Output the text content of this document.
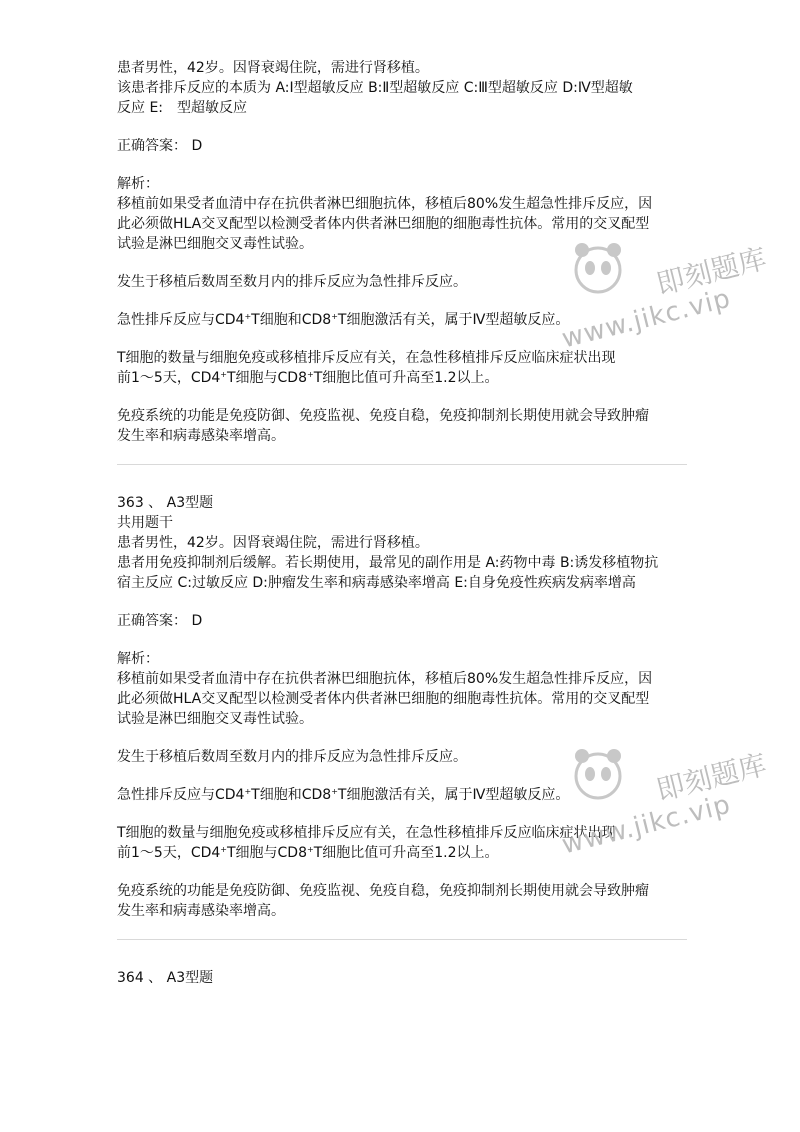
患者男性，42岁。因肾衰竭住院，需进行肾移植。
该患者排斥反应的本质为 A:Ⅰ型超敏反应 B:Ⅱ型超敏反应 C:Ⅲ型超敏反应 D:Ⅳ型超敏
反应 E:　型超敏反应
正确答案： D
解析：
移植前如果受者血清中存在抗供者淋巴细胞抗体，移植后80%发生超急性排斥反应，因
此必须做HLA交叉配型以检测受者体内供者淋巴细胞的细胞毒性抗体。常用的交叉配型
试验是淋巴细胞交叉毒性试验。
发生于移植后数周至数月内的排斥反应为急性排斥反应。
急性排斥反应与CD4+T细胞和CD8+T细胞激活有关，属于Ⅳ型超敏反应。
T细胞的数量与细胞免疫或移植排斥反应有关，在急性移植排斥反应临床症状出现
前1～5天，CD4+T细胞与CD8+T细胞比值可升高至1.2以上。
免疫系统的功能是免疫防御、免疫监视、免疫自稳，免疫抑制剂长期使用就会导致肿瘤
发生率和病毒感染率增高。
363 、 A3型题
共用题干
患者男性，42岁。因肾衰竭住院，需进行肾移植。
患者用免疫抑制剂后缓解。若长期使用，最常见的副作用是 A:药物中毒 B:诱发移植物抗
宿主反应 C:过敏反应 D:肿瘤发生率和病毒感染率增高 E:自身免疫性疾病发病率增高
正确答案： D
解析：
移植前如果受者血清中存在抗供者淋巴细胞抗体，移植后80%发生超急性排斥反应，因
此必须做HLA交叉配型以检测受者体内供者淋巴细胞的细胞毒性抗体。常用的交叉配型
试验是淋巴细胞交叉毒性试验。
发生于移植后数周至数月内的排斥反应为急性排斥反应。
急性排斥反应与CD4+T细胞和CD8+T细胞激活有关，属于Ⅳ型超敏反应。
T细胞的数量与细胞免疫或移植排斥反应有关，在急性移植排斥反应临床症状出现
前1～5天，CD4+T细胞与CD8+T细胞比值可升高至1.2以上。
免疫系统的功能是免疫防御、免疫监视、免疫自稳，免疫抑制剂长期使用就会导致肿瘤
发生率和病毒感染率增高。
364 、 A3型题
即刻题库
www.jikc.vip
即刻题库
www.jikc.vip
